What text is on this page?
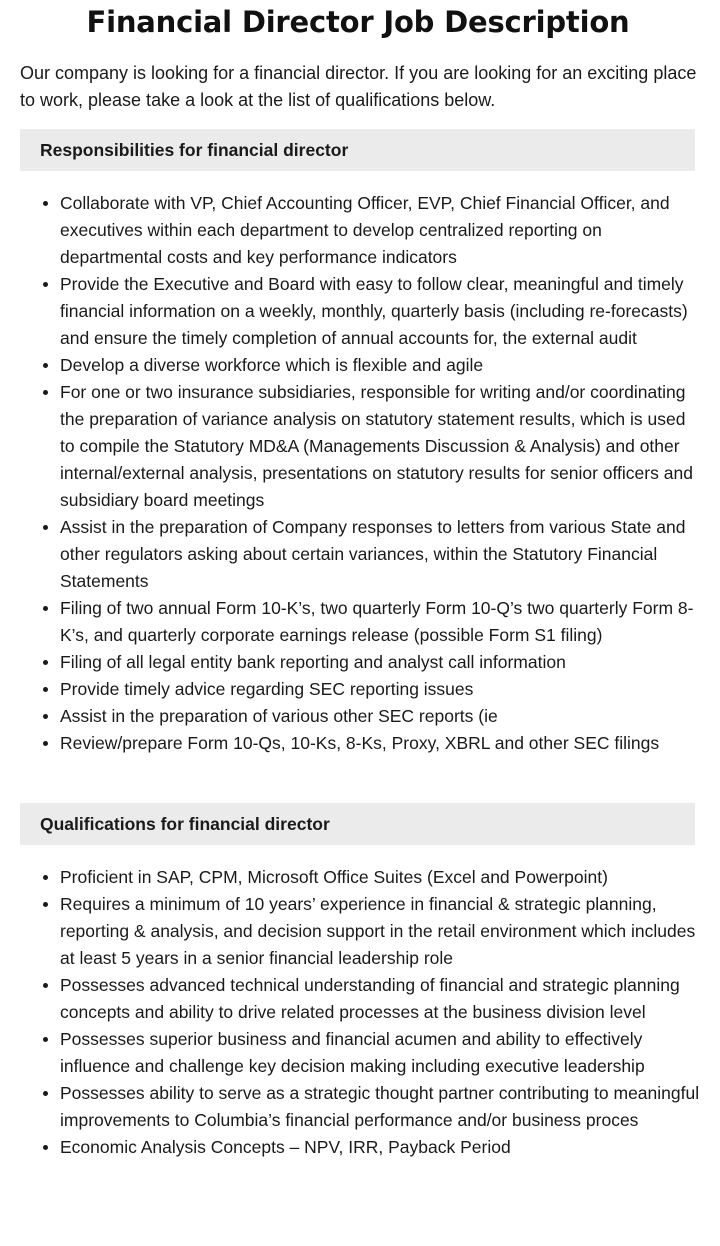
Financial Director Job Description

Our company is looking for a financial director. If you are looking for an exciting place to work, please take a look at the list of qualifications below.

Responsibilities for financial director
Collaborate with VP, Chief Accounting Officer, EVP, Chief Financial Officer, and executives within each department to develop centralized reporting on departmental costs and key performance indicators
Provide the Executive and Board with easy to follow clear, meaningful and timely financial information on a weekly, monthly, quarterly basis (including re-forecasts) and ensure the timely completion of annual accounts for, the external audit
Develop a diverse workforce which is flexible and agile
For one or two insurance subsidiaries, responsible for writing and/or coordinating the preparation of variance analysis on statutory statement results, which is used to compile the Statutory MD&A (Managements Discussion & Analysis) and other internal/external analysis, presentations on statutory results for senior officers and subsidiary board meetings
Assist in the preparation of Company responses to letters from various State and other regulators asking about certain variances, within the Statutory Financial Statements
Filing of two annual Form 10-K’s, two quarterly Form 10-Q’s two quarterly Form 8-K’s, and quarterly corporate earnings release (possible Form S1 filing)
Filing of all legal entity bank reporting and analyst call information
Provide timely advice regarding SEC reporting issues
Assist in the preparation of various other SEC reports (ie
Review/prepare Form 10-Qs, 10-Ks, 8-Ks, Proxy, XBRL and other SEC filings
Qualifications for financial director
Proficient in SAP, CPM, Microsoft Office Suites (Excel and Powerpoint)
Requires a minimum of 10 years’ experience in financial & strategic planning, reporting & analysis, and decision support in the retail environment which includes at least 5 years in a senior financial leadership role
Possesses advanced technical understanding of financial and strategic planning concepts and ability to drive related processes at the business division level
Possesses superior business and financial acumen and ability to effectively influence and challenge key decision making including executive leadership
Possesses ability to serve as a strategic thought partner contributing to meaningful improvements to Columbia’s financial performance and/or business proces
Economic Analysis Concepts – NPV, IRR, Payback Period
